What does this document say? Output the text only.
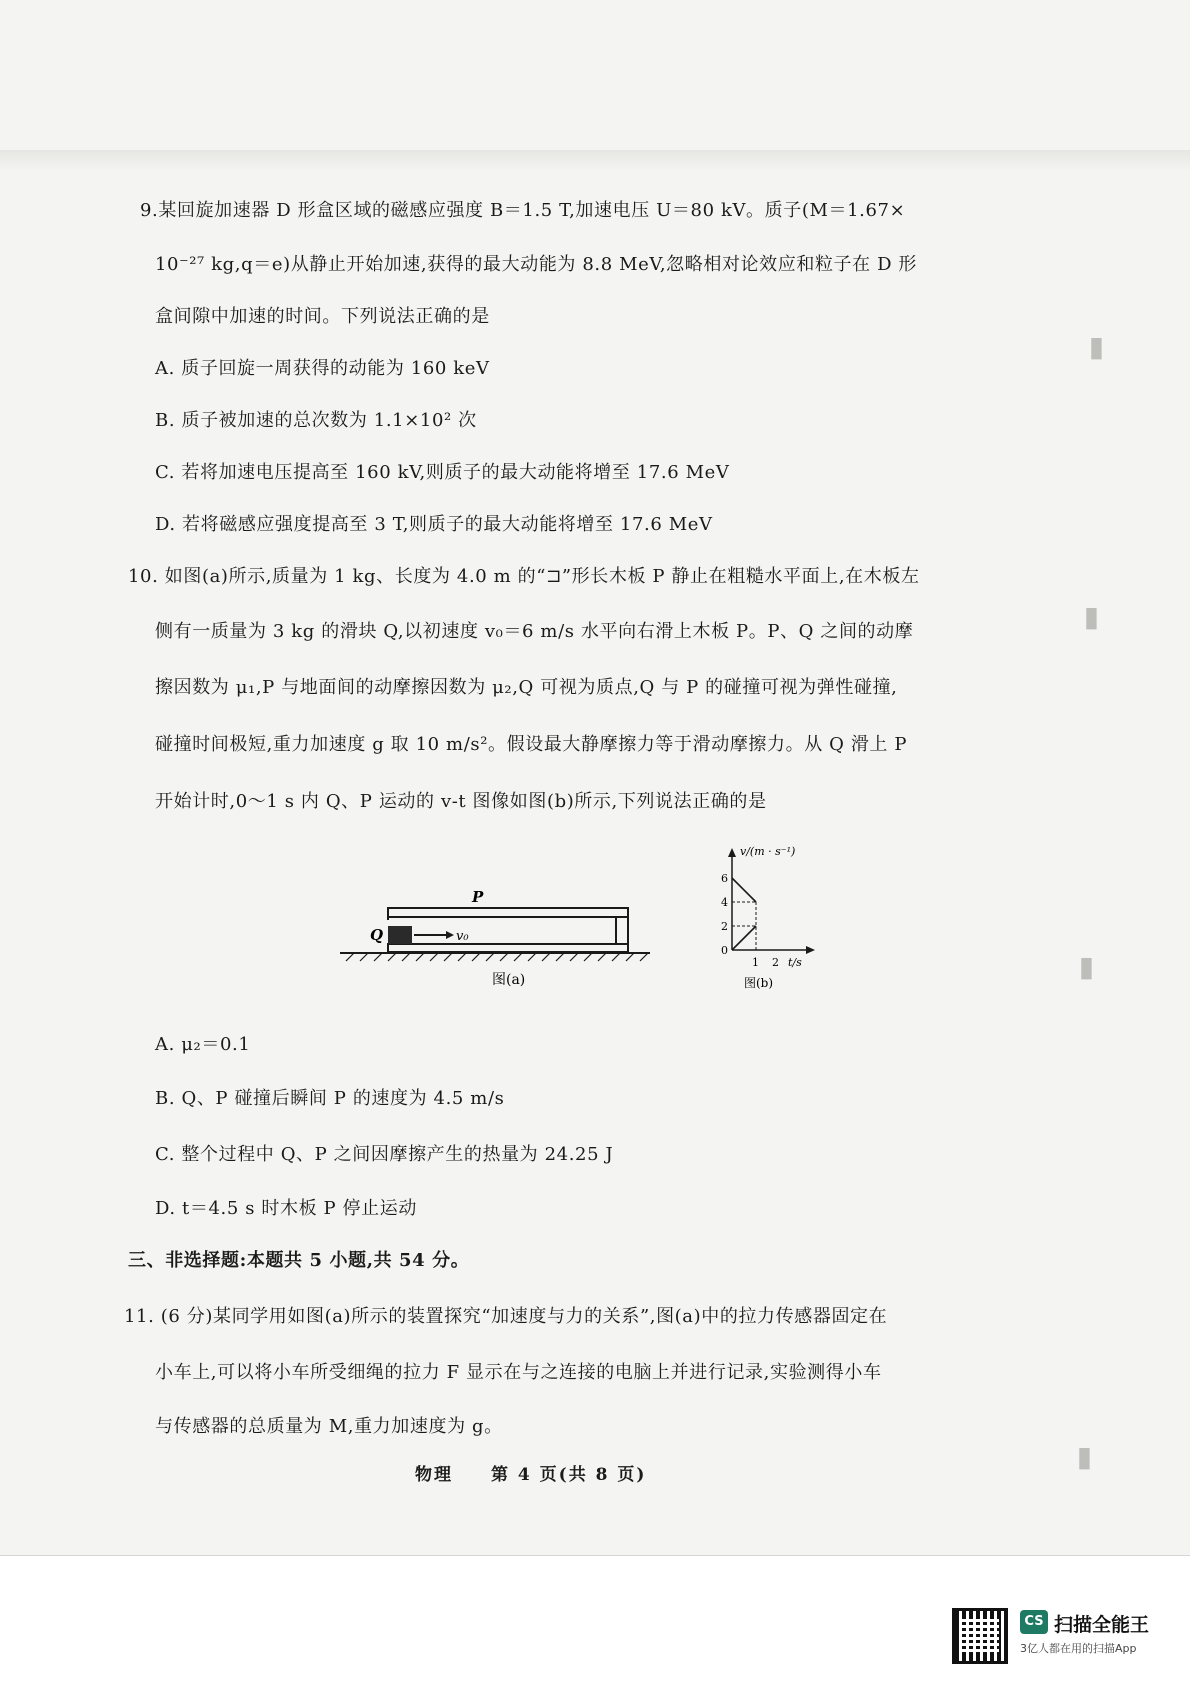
▮
▮
▮
▮
9.某回旋加速器 D 形盒区域的磁感应强度 B＝1.5 T,加速电压 U＝80 kV。质子(M＝1.67×
10⁻²⁷ kg,q＝e)从静止开始加速,获得的最大动能为 8.8 MeV,忽略相对论效应和粒子在 D 形
盒间隙中加速的时间。下列说法正确的是
A. 质子回旋一周获得的动能为 160 keV
B. 质子被加速的总次数为 1.1×10² 次
C. 若将加速电压提高至 160 kV,则质子的最大动能将增至 17.6 MeV
D. 若将磁感应强度提高至 3 T,则质子的最大动能将增至 17.6 MeV
10. 如图(a)所示,质量为 1 kg、长度为 4.0 m 的“⊐”形长木板 P 静止在粗糙水平面上,在木板左
侧有一质量为 3 kg 的滑块 Q,以初速度 v₀＝6 m/s 水平向右滑上木板 P。P、Q 之间的动摩
擦因数为 μ₁,P 与地面间的动摩擦因数为 μ₂,Q 可视为质点,Q 与 P 的碰撞可视为弹性碰撞,
碰撞时间极短,重力加速度 g 取 10 m/s²。假设最大静摩擦力等于滑动摩擦力。从 Q 滑上 P
开始计时,0～1 s 内 Q、P 运动的 v-t 图像如图(b)所示,下列说法正确的是
v₀
Q
P
图(a)
v/(m · s⁻¹)
t/s
6
4
2
0
1 2
图(b)
A. μ₂＝0.1
B. Q、P 碰撞后瞬间 P 的速度为 4.5 m/s
C. 整个过程中 Q、P 之间因摩擦产生的热量为 24.25 J
D. t＝4.5 s 时木板 P 停止运动
三、非选择题:本题共 5 小题,共 54 分。
11. (6 分)某同学用如图(a)所示的装置探究“加速度与力的关系”,图(a)中的拉力传感器固定在
小车上,可以将小车所受细绳的拉力 F 显示在与之连接的电脑上并进行记录,实验测得小车
与传感器的总质量为 M,重力加速度为 g。
物理　　第 4 页(共 8 页)
CS 扫描全能王
3亿人都在用的扫描App
